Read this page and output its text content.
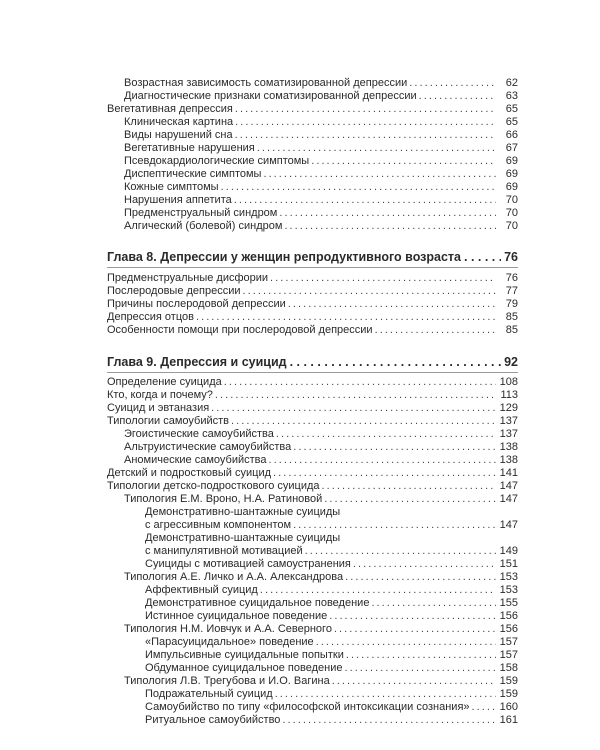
Возрастная зависимость соматизированной депрессии . . .	62
Диагностические признаки соматизированной депрессии . . .	63
Вегетативная депрессия . . .	65
Клиническая картина . . .	65
Виды нарушений сна . . .	66
Вегетативные нарушения . . .	67
Псевдокардиологические симптомы . . .	69
Диспептические симптомы . . .	69
Кожные симптомы . . .	69
Нарушения аппетита . . .	70
Предменструальный синдром . . .	70
Алгический (болевой) синдром . . .	70
Глава 8. Депрессии у женщин репродуктивного возраста . . .	76
Предменструальные дисфории . . .	76
Послеродовые депрессии . . .	77
Причины послеродовой депрессии . . .	79
Депрессия отцов . . .	85
Особенности помощи при послеродовой депрессии . . .	85
Глава 9. Депрессия и суицид . . .	92
Определение суицида . . .	108
Кто, когда и почему? . . .	113
Суицид и эвтаназия . . .	129
Типологии самоубийств . . .	137
Эгоистические самоубийства . . .	137
Альтруистические самоубийства . . .	138
Аномические самоубийства . . .	138
Детский и подростковый суицид . . .	141
Типологии детско-подросткового суицида . . .	147
Типология Е.М. Вроно, Н.А. Ратиновой . . .	147
Демонстративно-шантажные суициды
с агрессивным компонентом . . .	147
Демонстративно-шантажные суициды
с манипулятивной мотивацией . . .	149
Суициды с мотивацией самоустранения . . .	151
Типология А.Е. Личко и А.А. Александрова . . .	153
Аффективный суицид . . .	153
Демонстративное суицидальное поведение . . .	155
Истинное суицидальное поведение . . .	156
Типология Н.М. Иовчук и А.А. Северного . . .	156
«Парасуицидальное» поведение . . .	157
Импульсивные суицидальные попытки . . .	157
Обдуманное суицидальное поведение . . .	158
Типология Л.В. Трегубова и И.О. Вагина . . .	159
Подражательный суицид . . .	159
Самоубийство по типу «философской интоксикации сознания» . . .	160
Ритуальное самоубийство . . .	161
